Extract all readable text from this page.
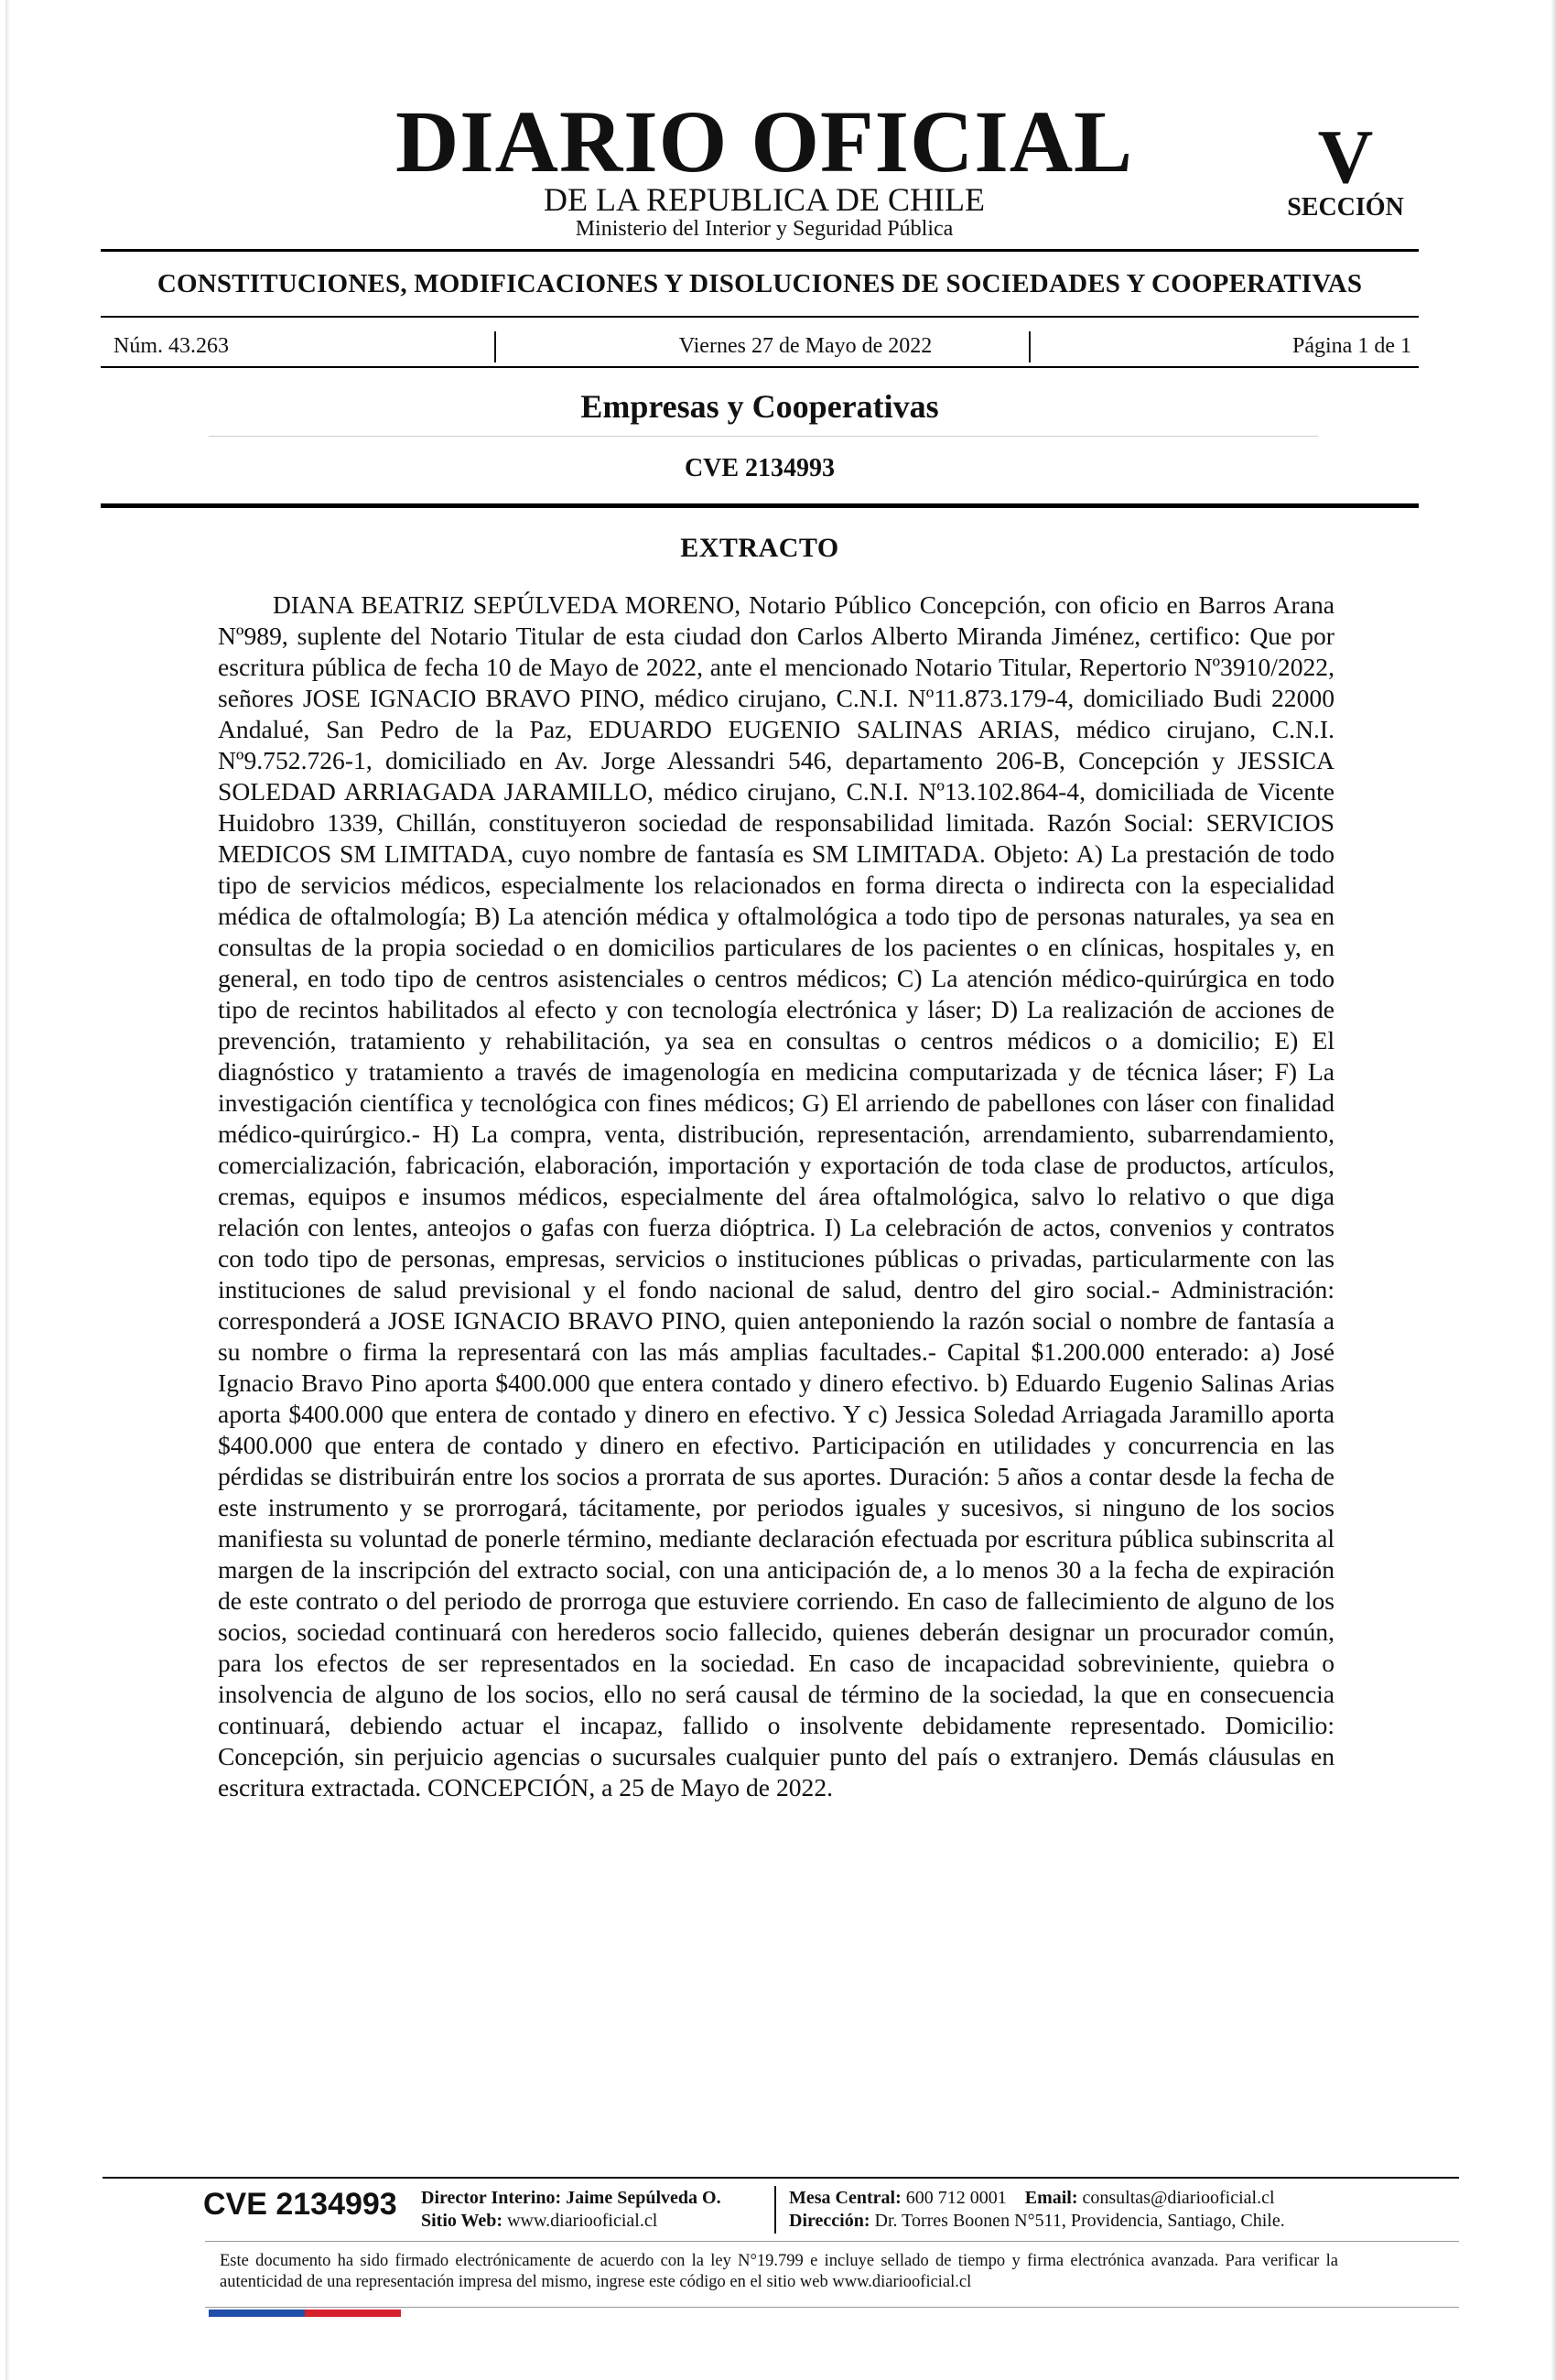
DIARIO OFICIAL
DE LA REPUBLICA DE CHILE
Ministerio del Interior y Seguridad Pública
V
SECCIÓN
CONSTITUCIONES, MODIFICACIONES Y DISOLUCIONES DE SOCIEDADES Y COOPERATIVAS
Núm. 43.263	Viernes 27 de Mayo de 2022	Página 1 de 1
Empresas y Cooperativas
CVE 2134993
EXTRACTO
DIANA BEATRIZ SEPÚLVEDA MORENO, Notario Público Concepción, con oficio en Barros Arana Nº989, suplente del Notario Titular de esta ciudad don Carlos Alberto Miranda Jiménez, certifico: Que por escritura pública de fecha 10 de Mayo de 2022, ante el mencionado Notario Titular, Repertorio Nº3910/2022, señores JOSE IGNACIO BRAVO PINO, médico cirujano, C.N.I. Nº11.873.179-4, domiciliado Budi 22000 Andalué, San Pedro de la Paz, EDUARDO EUGENIO SALINAS ARIAS, médico cirujano, C.N.I. Nº9.752.726-1, domiciliado en Av. Jorge Alessandri 546, departamento 206-B, Concepción y JESSICA SOLEDAD ARRIAGADA JARAMILLO, médico cirujano, C.N.I. Nº13.102.864-4, domiciliada de Vicente Huidobro 1339, Chillán, constituyeron sociedad de responsabilidad limitada. Razón Social: SERVICIOS MEDICOS SM LIMITADA, cuyo nombre de fantasía es SM LIMITADA. Objeto: A) La prestación de todo tipo de servicios médicos, especialmente los relacionados en forma directa o indirecta con la especialidad médica de oftalmología; B) La atención médica y oftalmológica a todo tipo de personas naturales, ya sea en consultas de la propia sociedad o en domicilios particulares de los pacientes o en clínicas, hospitales y, en general, en todo tipo de centros asistenciales o centros médicos; C) La atención médico-quirúrgica en todo tipo de recintos habilitados al efecto y con tecnología electrónica y láser; D) La realización de acciones de prevención, tratamiento y rehabilitación, ya sea en consultas o centros médicos o a domicilio; E) El diagnóstico y tratamiento a través de imagenología en medicina computarizada y de técnica láser; F) La investigación científica y tecnológica con fines médicos; G) El arriendo de pabellones con láser con finalidad médico-quirúrgico.- H) La compra, venta, distribución, representación, arrendamiento, subarrendamiento, comercialización, fabricación, elaboración, importación y exportación de toda clase de productos, artículos, cremas, equipos e insumos médicos, especialmente del área oftalmológica, salvo lo relativo o que diga relación con lentes, anteojos o gafas con fuerza dióptrica. I) La celebración de actos, convenios y contratos con todo tipo de personas, empresas, servicios o instituciones públicas o privadas, particularmente con las instituciones de salud previsional y el fondo nacional de salud, dentro del giro social.- Administración: corresponderá a JOSE IGNACIO BRAVO PINO, quien anteponiendo la razón social o nombre de fantasía a su nombre o firma la representará con las más amplias facultades.- Capital $1.200.000 enterado: a) José Ignacio Bravo Pino aporta $400.000 que entera contado y dinero efectivo. b) Eduardo Eugenio Salinas Arias aporta $400.000 que entera de contado y dinero en efectivo. Y c) Jessica Soledad Arriagada Jaramillo aporta $400.000 que entera de contado y dinero en efectivo. Participación en utilidades y concurrencia en las pérdidas se distribuirán entre los socios a prorrata de sus aportes. Duración: 5 años a contar desde la fecha de este instrumento y se prorrogará, tácitamente, por periodos iguales y sucesivos, si ninguno de los socios manifiesta su voluntad de ponerle término, mediante declaración efectuada por escritura pública subinscrita al margen de la inscripción del extracto social, con una anticipación de, a lo menos 30 a la fecha de expiración de este contrato o del periodo de prorroga que estuviere corriendo. En caso de fallecimiento de alguno de los socios, sociedad continuará con herederos socio fallecido, quienes deberán designar un procurador común, para los efectos de ser representados en la sociedad. En caso de incapacidad sobreviniente, quiebra o insolvencia de alguno de los socios, ello no será causal de término de la sociedad, la que en consecuencia continuará, debiendo actuar el incapaz, fallido o insolvente debidamente representado. Domicilio: Concepción, sin perjuicio agencias o sucursales cualquier punto del país o extranjero. Demás cláusulas en escritura extractada. CONCEPCIÓN, a 25 de Mayo de 2022.
CVE 2134993 Director Interino: Jaime Sepúlveda O.
Sitio Web: www.diariooficial.cl
Mesa Central: 600 712 0001 Email: consultas@diariooficial.cl
Dirección: Dr. Torres Boonen N°511, Providencia, Santiago, Chile.
Este documento ha sido firmado electrónicamente de acuerdo con la ley N°19.799 e incluye sellado de tiempo y firma electrónica avanzada. Para verificar la autenticidad de una representación impresa del mismo, ingrese este código en el sitio web www.diariooficial.cl
